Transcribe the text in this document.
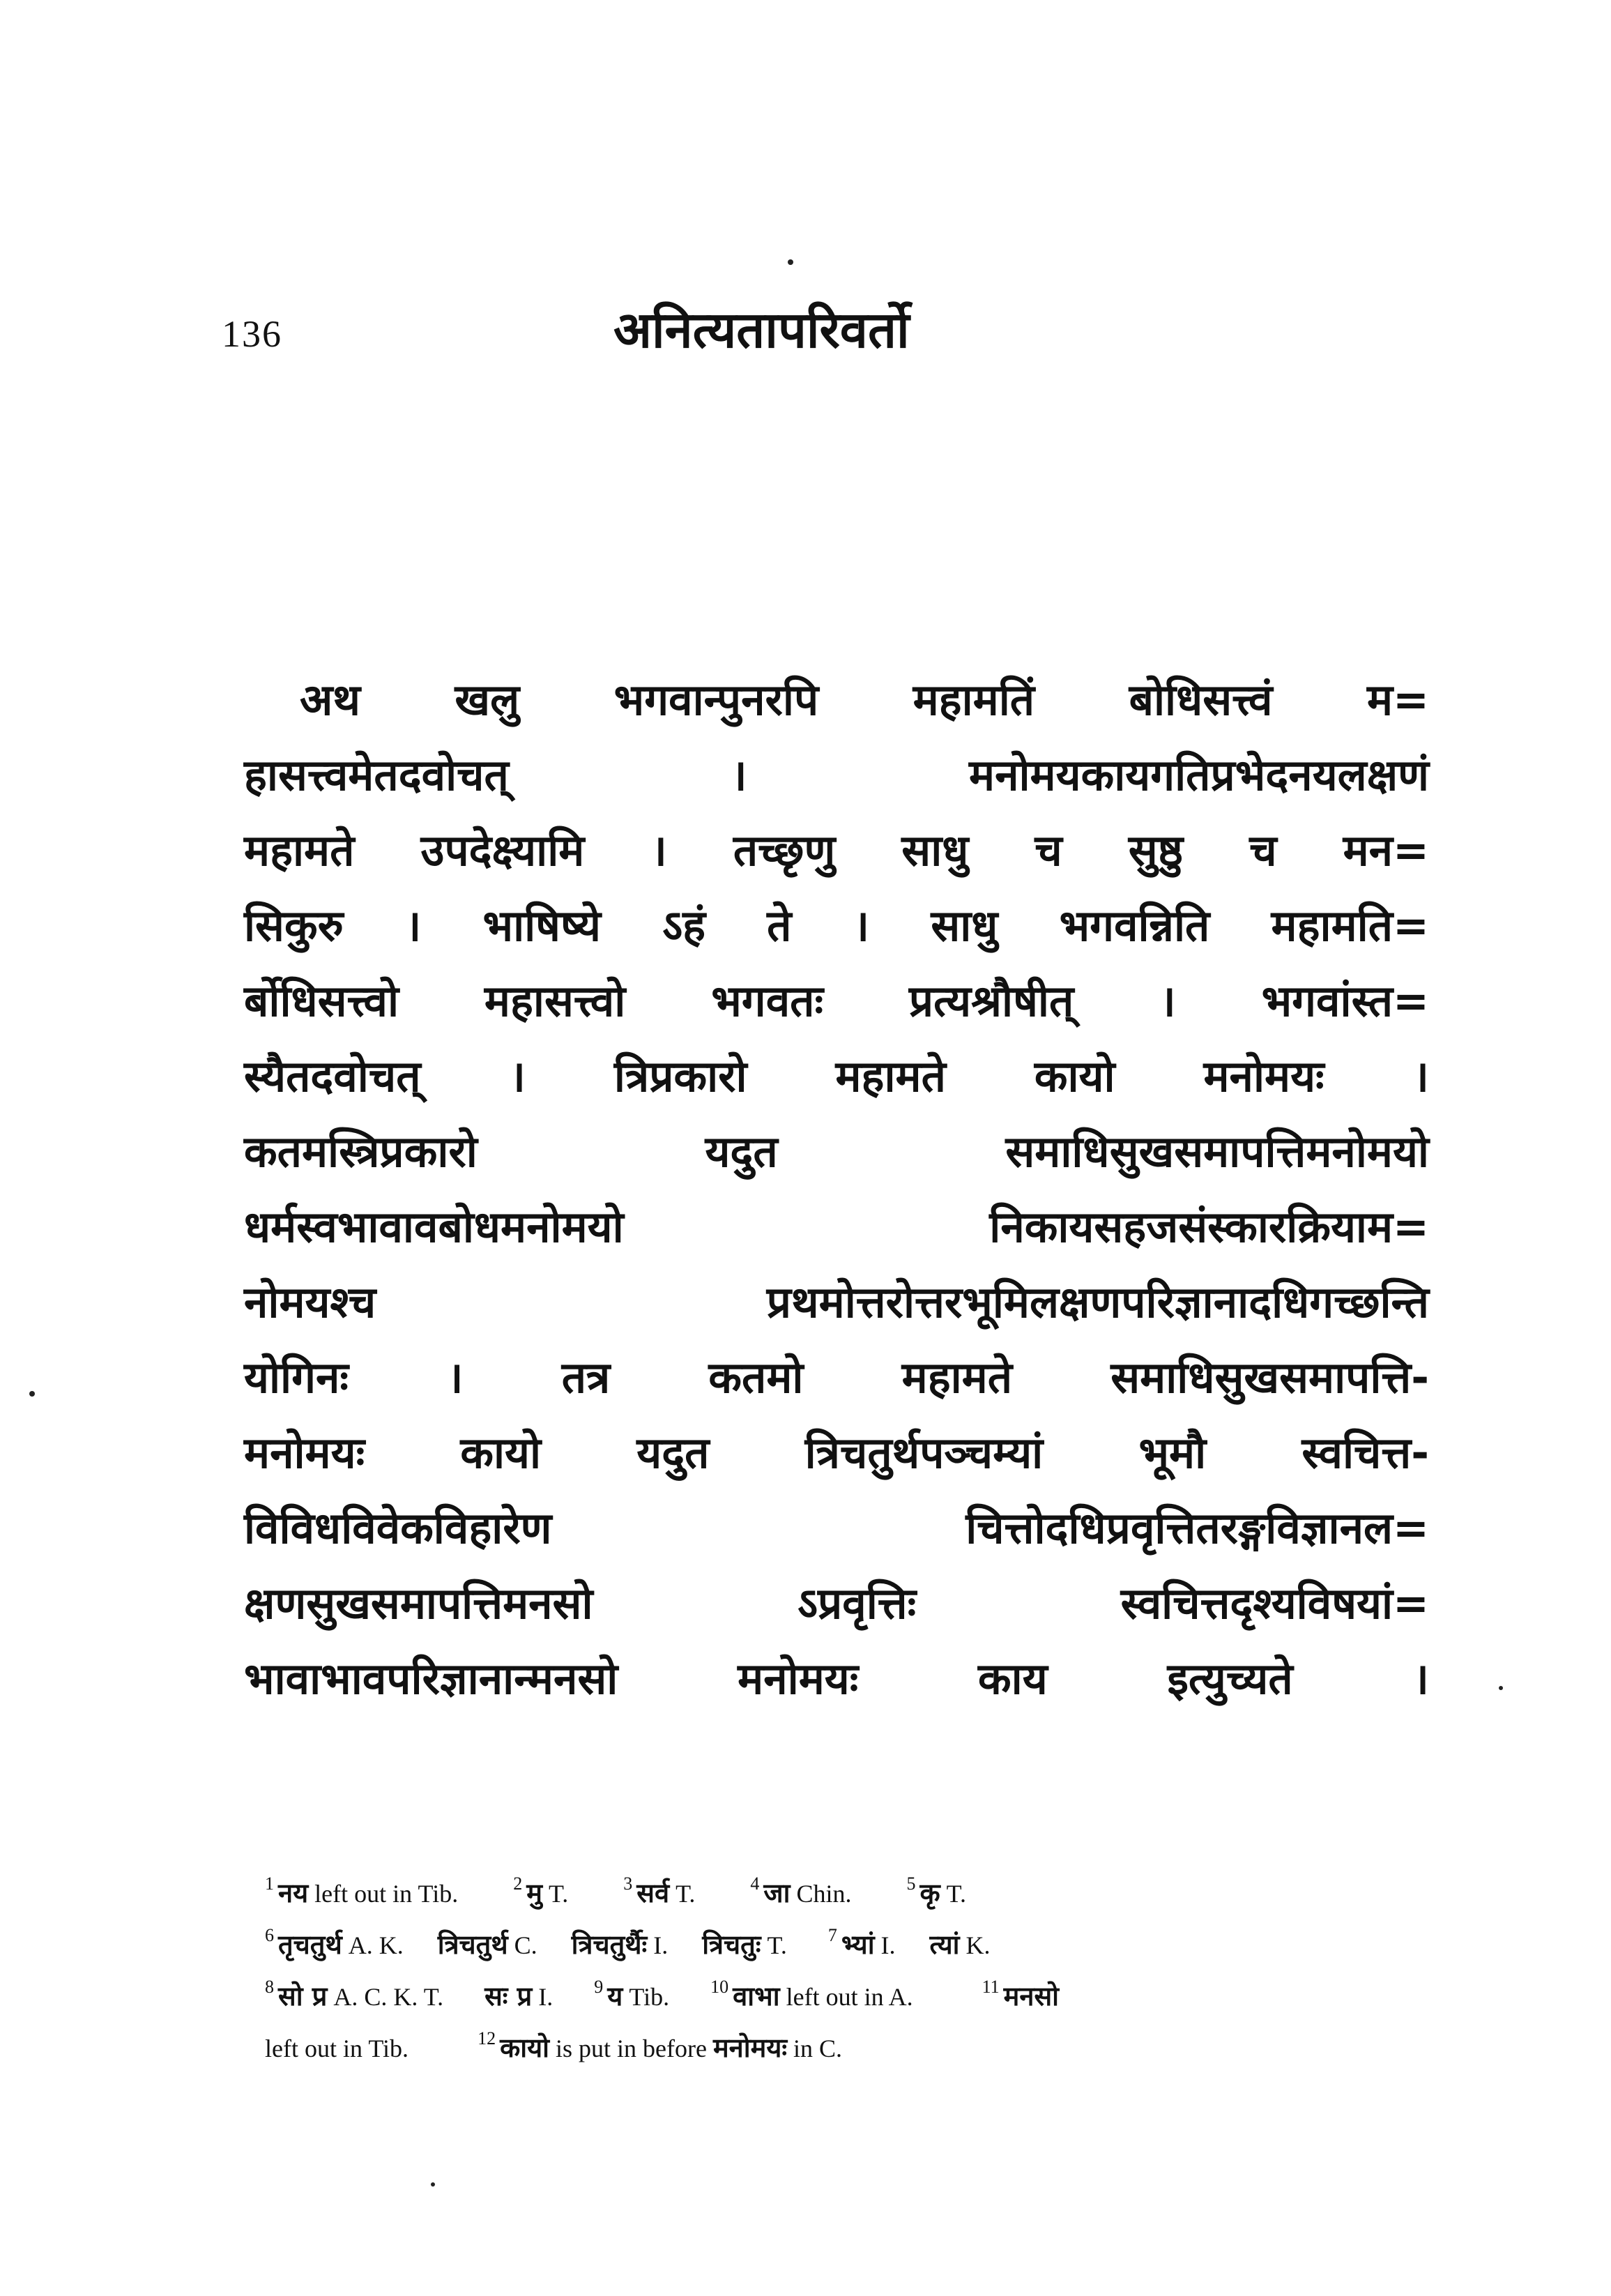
136	अनित्यतापरिवर्तो
अथ खलु भगवान्पुनरपि महामतिं बोधिसत्त्वं म=
हासत्त्वमेतदवोचत् । मनोमयकायगतिप्रभेदनयलक्षणं
महामते उपदेक्ष्यामि । तच्छृणु साधु च सुष्ठु च मन=
सिकुरु । भाषिष्ये ऽहं ते । साधु भगवन्निति महामति=
र्बोधिसत्त्वो महासत्त्वो भगवतः प्रत्यश्रौषीत् । भगवांस्त=
स्यैतदवोचत् । त्रिप्रकारो महामते कायो मनोमयः ।
कतमस्त्रिप्रकारो यदुत समाधिसुखसमापत्तिमनोमयो
धर्मस्वभावावबोधमनोमयो निकायसहजसंस्कारक्रियाम=
नोमयश्च प्रथमोत्तरोत्तरभूमिलक्षणपरिज्ञानादधिगच्छन्ति
योगिनः । तत्र कतमो महामते समाधिसुखसमापत्ति-
मनोमयः कायो यदुत त्रिचतुर्थपञ्चम्यां भूमौ स्वचित्त-
विविधविवेकविहारेण चित्तोदधिप्रवृत्तितरङ्गविज्ञानल=
क्षणसुखसमापत्तिमनसो ऽप्रवृत्तिः स्वचित्तदृश्यविषयां=
भावाभावपरिज्ञानान्मनसो मनोमयः काय इत्युच्यते ।
$^1$ नय left out in Tib.	$^2$ मु T.	$^3$ सर्व T.	$^4$ जा Chin.	$^5$ कृ T.
$^6$ तृचतुर्थ A. K. त्रिचतुर्थ C. त्रिचतुर्थैः I. त्रिचतुः T. $^7$ भ्यां I. त्यां K.
$^8$ सो प्र A. C. K. T. सः प्र I. $^9$ य Tib. $^{10}$ वाभा left out in A.	$^{11}$ मनसो
left out in Tib.	$^{12}$ कायो is put in before मनोमयः in C.
